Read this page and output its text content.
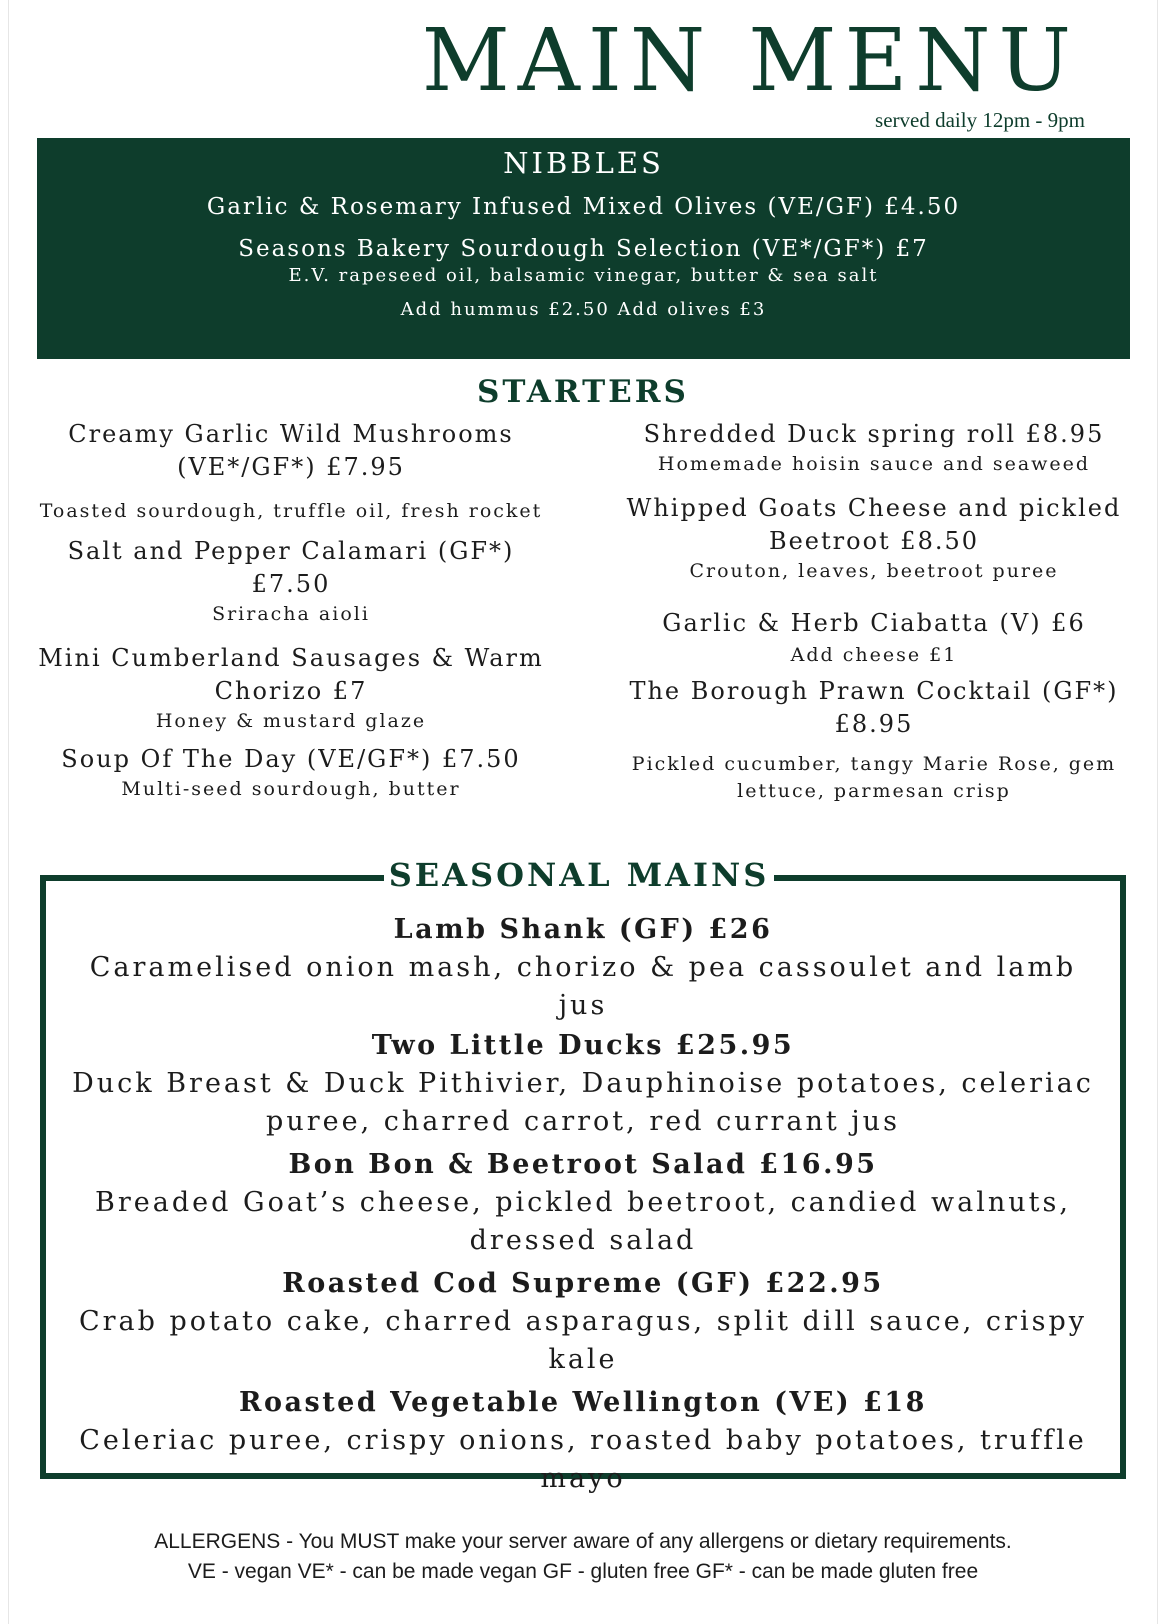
MAIN MENU
served daily 12pm - 9pm
NIBBLES
Garlic & Rosemary Infused Mixed Olives (VE/GF) £4.50
Seasons Bakery Sourdough Selection (VE*/GF*) £7
E.V. rapeseed oil, balsamic vinegar, butter & sea salt
Add hummus £2.50 Add olives £3
STARTERS
Creamy Garlic Wild Mushrooms (VE*/GF*) £7.95
Toasted sourdough, truffle oil, fresh rocket
Salt and Pepper Calamari (GF*) £7.50
Sriracha aioli
Mini Cumberland Sausages & Warm Chorizo £7
Honey & mustard glaze
Soup Of The Day (VE/GF*) £7.50
Multi-seed sourdough, butter
Shredded Duck spring roll £8.95
Homemade hoisin sauce and seaweed
Whipped Goats Cheese and pickled Beetroot £8.50
Crouton, leaves, beetroot puree
Garlic & Herb Ciabatta (V) £6
Add cheese £1
The Borough Prawn Cocktail (GF*) £8.95
Pickled cucumber, tangy Marie Rose, gem lettuce, parmesan crisp
Lamb Shank (GF) £26
Caramelised onion mash, chorizo & pea cassoulet and lamb jus
Two Little Ducks £25.95
Duck Breast & Duck Pithivier, Dauphinoise potatoes, celeriac puree, charred carrot, red currant jus
Bon Bon & Beetroot Salad £16.95
Breaded Goat’s cheese, pickled beetroot, candied walnuts, dressed salad
Roasted Cod Supreme (GF) £22.95
Crab potato cake, charred asparagus, split dill sauce, crispy kale
Roasted Vegetable Wellington (VE) £18
Celeriac puree, crispy onions, roasted baby potatoes, truffle mayo
SEASONAL MAINS
ALLERGENS - You MUST make your server aware of any allergens or dietary requirements.
VE - vegan VE* - can be made vegan GF - gluten free GF* - can be made gluten free
